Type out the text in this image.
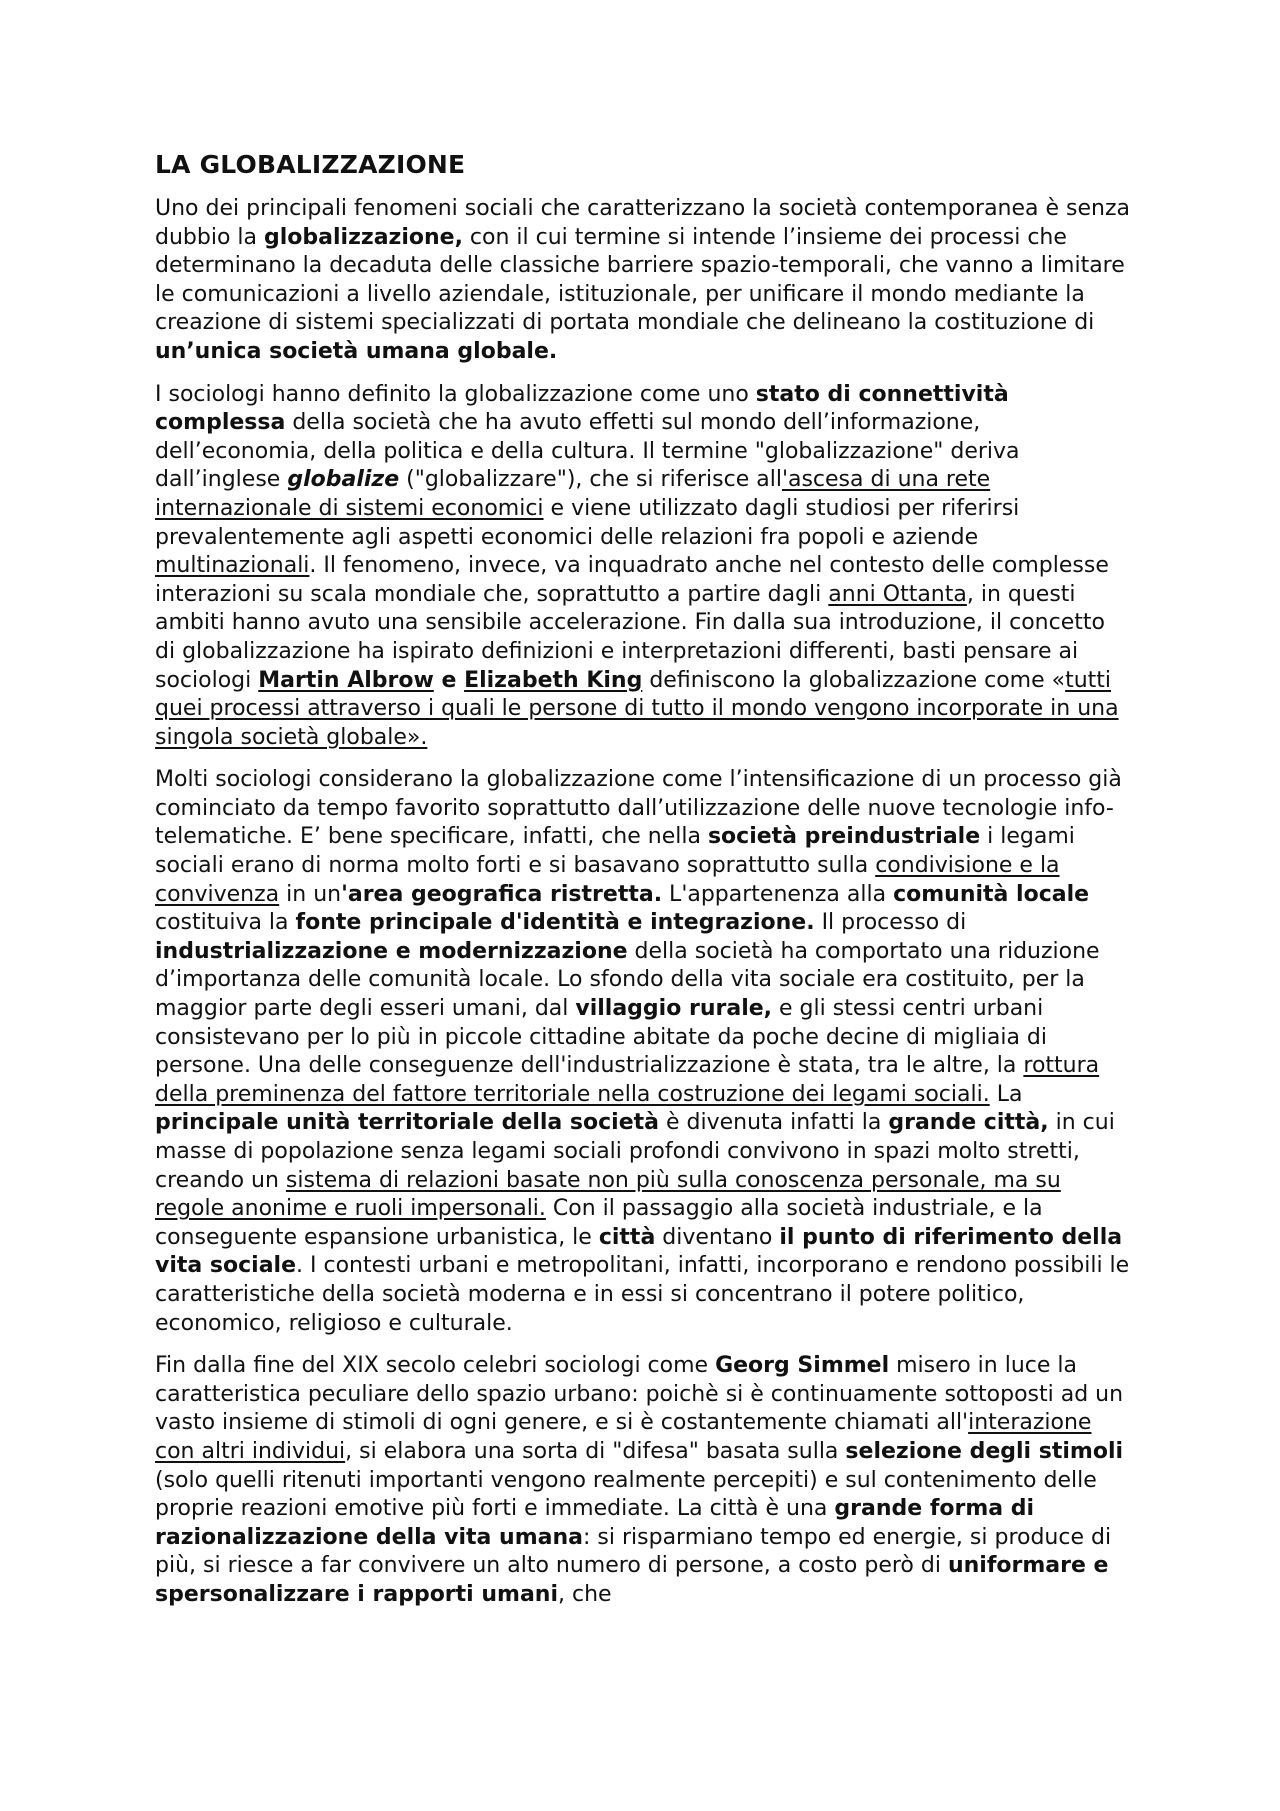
LA GLOBALIZZAZIONE

Uno dei principali fenomeni sociali che caratterizzano la società contemporanea è senza dubbio la globalizzazione, con il cui termine si intende l’insieme dei processi che determinano la decaduta delle classiche barriere spazio-temporali, che vanno a limitare le comunicazioni a livello aziendale, istituzionale, per unificare il mondo mediante la creazione di sistemi specializzati di portata mondiale che delineano la costituzione di un’unica società umana globale.

I sociologi hanno definito la globalizzazione come uno stato di connettività complessa della società che ha avuto effetti sul mondo dell’informazione, dell’economia, della politica e della cultura. Il termine "globalizzazione" deriva dall’inglese globalize ("globalizzare"), che si riferisce all'ascesa di una rete internazionale di sistemi economici e viene utilizzato dagli studiosi per riferirsi prevalentemente agli aspetti economici delle relazioni fra popoli e aziende multinazionali. Il fenomeno, invece, va inquadrato anche nel contesto delle complesse interazioni su scala mondiale che, soprattutto a partire dagli anni Ottanta, in questi ambiti hanno avuto una sensibile accelerazione. Fin dalla sua introduzione, il concetto di globalizzazione ha ispirato definizioni e interpretazioni differenti, basti pensare ai sociologi Martin Albrow e Elizabeth King definiscono la globalizzazione come «tutti quei processi attraverso i quali le persone di tutto il mondo vengono incorporate in una singola società globale».

Molti sociologi considerano la globalizzazione come l’intensificazione di un processo già cominciato da tempo favorito soprattutto dall’utilizzazione delle nuove tecnologie info- telematiche. E’ bene specificare, infatti, che nella società preindustriale i legami sociali erano di norma molto forti e si basavano soprattutto sulla condivisione e la convivenza in un'area geografica ristretta. L'appartenenza alla comunità locale costituiva la fonte principale d'identità e integrazione. Il processo di industrializzazione e modernizzazione della società ha comportato una riduzione d’importanza delle comunità locale. Lo sfondo della vita sociale era costituito, per la maggior parte degli esseri umani, dal villaggio rurale, e gli stessi centri urbani consistevano per lo più in piccole cittadine abitate da poche decine di migliaia di persone. Una delle conseguenze dell'industrializzazione è stata, tra le altre, la rottura della preminenza del fattore territoriale nella costruzione dei legami sociali. La principale unità territoriale della società è divenuta infatti la grande città, in cui masse di popolazione senza legami sociali profondi convivono in spazi molto stretti, creando un sistema di relazioni basate non più sulla conoscenza personale, ma su regole anonime e ruoli impersonali. Con il passaggio alla società industriale, e la conseguente espansione urbanistica, le città diventano il punto di riferimento della vita sociale. I contesti urbani e metropolitani, infatti, incorporano e rendono possibili le caratteristiche della società moderna e in essi si concentrano il potere politico, economico, religioso e culturale.

Fin dalla fine del XIX secolo celebri sociologi come Georg Simmel misero in luce la caratteristica peculiare dello spazio urbano: poichè si è continuamente sottoposti ad un vasto insieme di stimoli di ogni genere, e si è costantemente chiamati all'interazione con altri individui, si elabora una sorta di "difesa" basata sulla selezione degli stimoli (solo quelli ritenuti importanti vengono realmente percepiti) e sul contenimento delle proprie reazioni emotive più forti e immediate. La città è una grande forma di razionalizzazione della vita umana: si risparmiano tempo ed energie, si produce di più, si riesce a far convivere un alto numero di persone, a costo però di uniformare e spersonalizzare i rapporti umani, che
